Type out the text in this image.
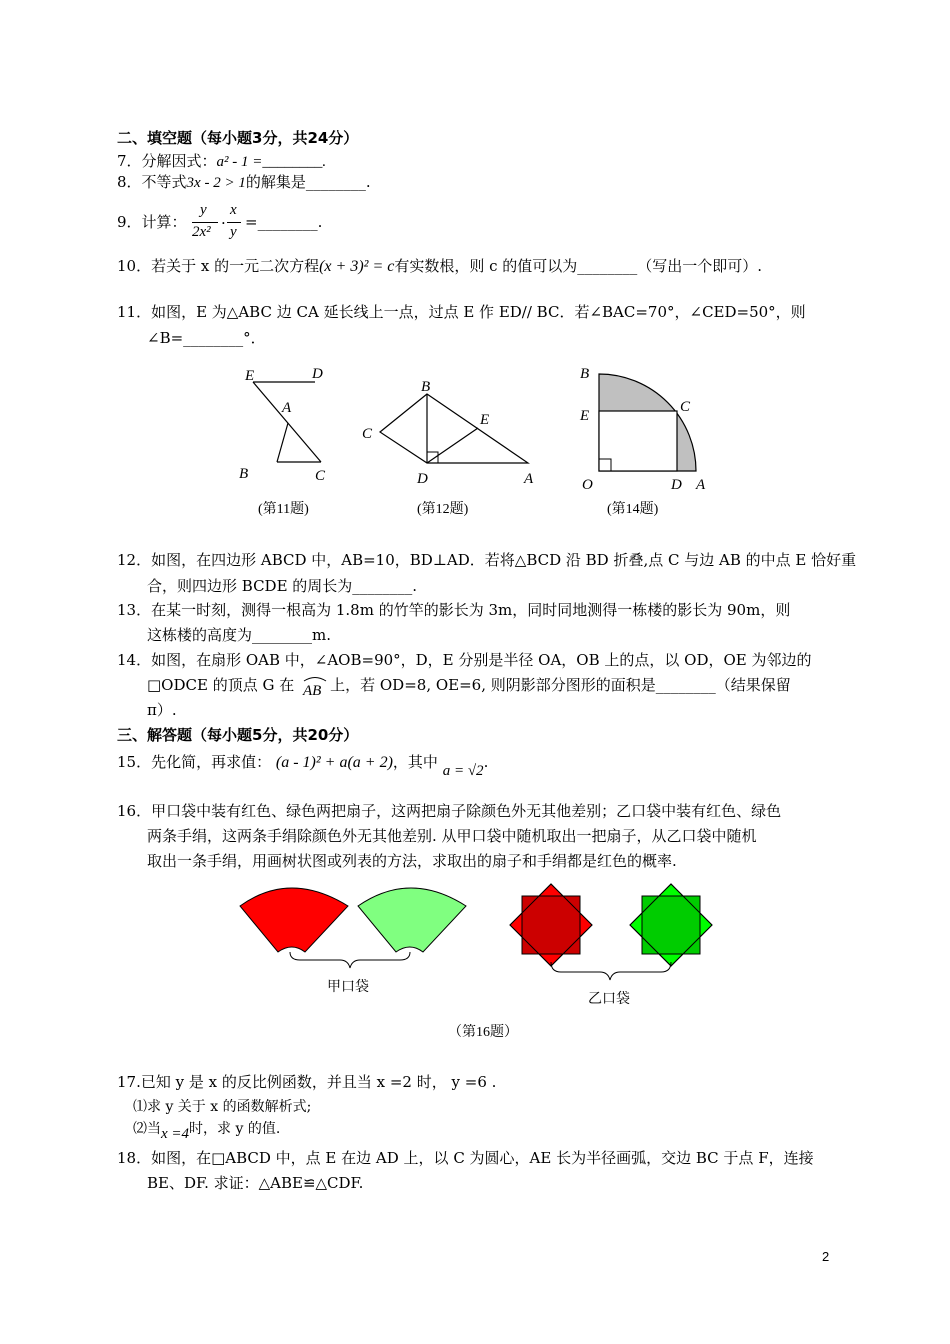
二、填空题（每小题3分，共24分）
7．分解因式：a² - 1 =________.
8．不等式3x - 2 > 1的解集是________.
9．计算：
y
2x² ·
x
y
=________.
10．若关于 x 的一元二次方程(x + 3)² = c有实数根，则 c 的值可以为________（写出一个即可）.
11．如图，E 为△ABC 边 CA 延长线上一点，过点 E 作 ED// BC．若∠BAC=70°，∠CED=50°，则
∠B=________°．
E	D
A
B	C
(第11题)
B
C
E
D	A
(第12题)
B
E
C
O	D A
(第14题)
12．如图，在四边形 ABCD 中，AB=10，BD⊥AD．若将△BCD 沿 BD 折叠,点 C 与边 AB 的中点 E 恰好重
合，则四边形 BCDE 的周长为________.
13．在某一时刻，测得一根高为 1.8m 的竹竿的影长为 3m，同时同地测得一栋楼的影长为 90m，则
这栋楼的高度为________m.
14．如图，在扇形 OAB 中，∠AOB=90°，D，E 分别是半径 OA，OB 上的点，以 OD，OE 为邻边的
□ODCE 的顶点 G 在 AB 上，若 OD=8, OE=6, 则阴影部分图形的面积是________（结果保留
π）.
三、解答题（每小题5分，共20分）
15．先化简，再求值： (a - 1)² + a(a + 2)，其中 a = √2.
16．甲口袋中装有红色、绿色两把扇子，这两把扇子除颜色外无其他差别；乙口袋中装有红色、绿色
两条手绢，这两条手绢除颜色外无其他差别. 从甲口袋中随机取出一把扇子，从乙口袋中随机
取出一条手绢，用画树状图或列表的方法，求取出的扇子和手绢都是红色的概率.
甲口袋
乙口袋
（第16题）
17.已知 y 是 x 的反比例函数，并且当 x =2 时， y =6 .
⑴求 y 关于 x 的函数解析式;
⑵当x =4时，求 y 的值.
18．如图，在□ABCD 中，点 E 在边 AD 上，以 C 为圆心，AE 长为半径画弧，交边 BC 于点 F，连接
BE、DF. 求证：△ABE≌△CDF.
2
